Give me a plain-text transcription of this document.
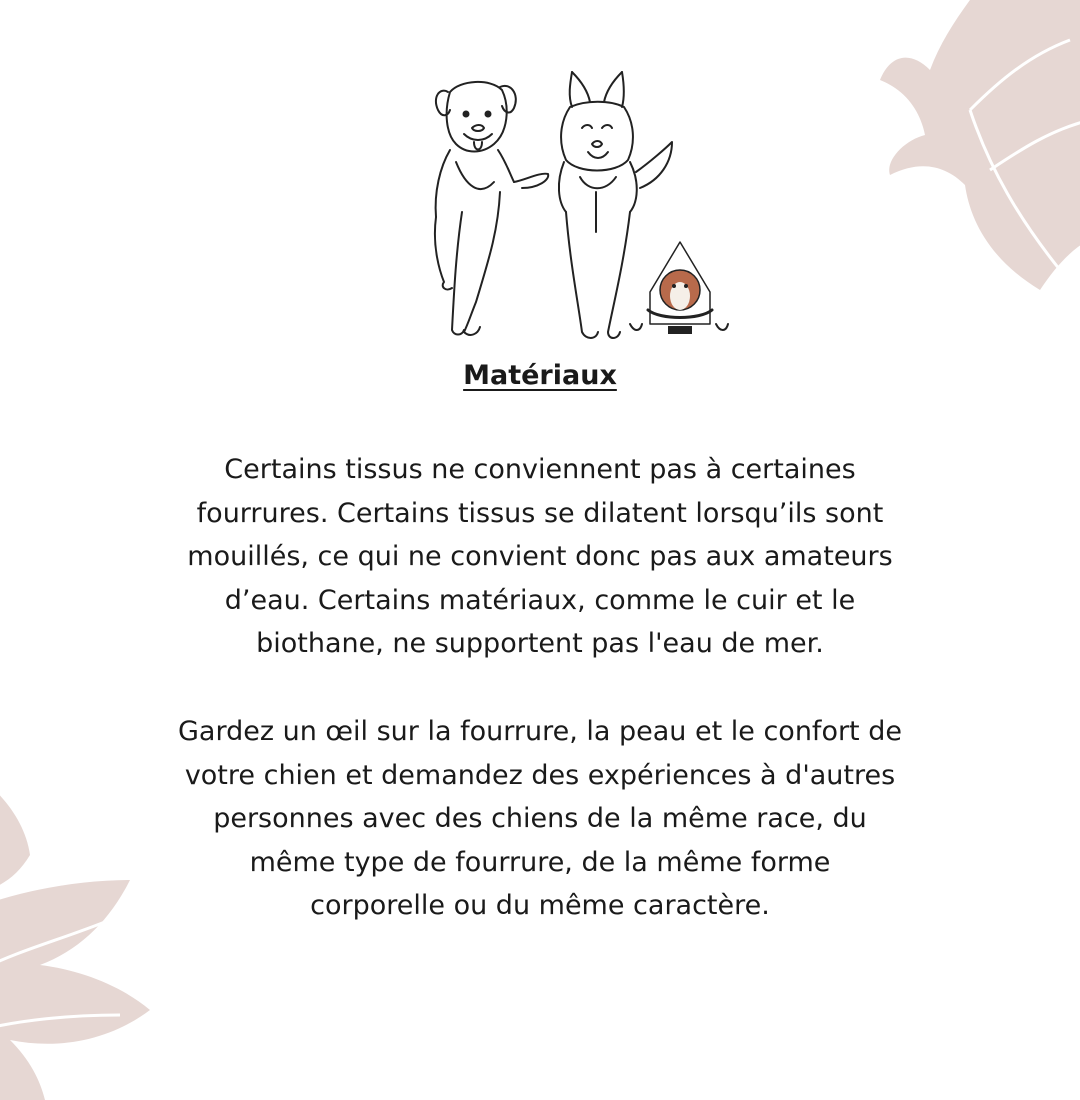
Matériaux

Certains tissus ne conviennent pas à certaines
fourrures. Certains tissus se dilatent lorsqu’ils sont
mouillés, ce qui ne convient donc pas aux amateurs
d’eau. Certains matériaux, comme le cuir et le
biothane, ne supportent pas l'eau de mer.

Gardez un œil sur la fourrure, la peau et le confort de
votre chien et demandez des expériences à d'autres
personnes avec des chiens de la même race, du
même type de fourrure, de la même forme
corporelle ou du même caractère.
